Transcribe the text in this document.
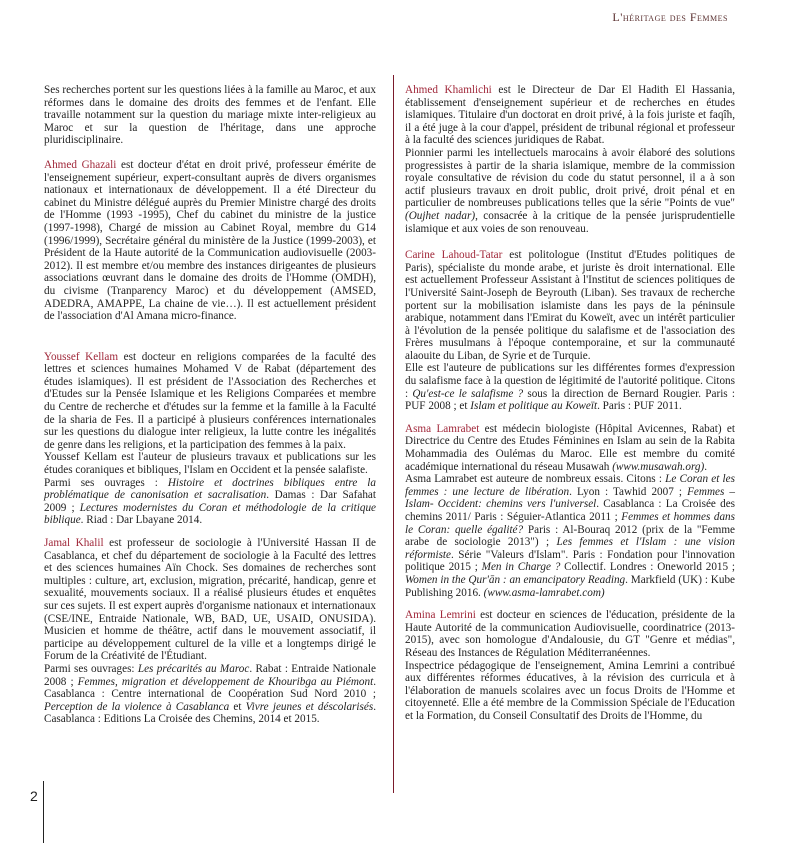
L'héritage des Femmes

Ses recherches portent sur les questions liées à la famille au Maroc, et aux réformes dans le domaine des droits des femmes et de l'enfant. Elle travaille notamment sur la question du mariage mixte inter-religieux au Maroc et sur la question de l'héritage, dans une approche pluridisciplinaire.

Ahmed Ghazali est docteur d'état en droit privé, professeur émérite de l'enseignement supérieur, expert-consultant auprès de divers organismes nationaux et internationaux de développement. Il a été Directeur du cabinet du Ministre délégué auprès du Premier Ministre chargé des droits de l'Homme (1993 -1995), Chef du cabinet du ministre de la justice (1997-1998), Chargé de mission au Cabinet Royal, membre du G14 (1996/1999), Secrétaire général du ministère de la Justice (1999-2003), et Président de la Haute autorité de la Communication audiovisuelle (2003-2012). Il est membre et/ou membre des instances dirigeantes de plusieurs associations œuvrant dans le domaine des droits de l'Homme (OMDH), du civisme (Tranparency Maroc) et du développement (AMSED, ADEDRA, AMAPPE, La chaine de vie…). Il est actuellement président de l'association d'Al Amana micro-finance.

Youssef Kellam est docteur en religions comparées de la faculté des lettres et sciences humaines Mohamed V de Rabat (département des études islamiques). Il est président de l'Association des Recherches et d'Etudes sur la Pensée Islamique et les Religions Comparées et membre du Centre de recherche et d'études sur la femme et la famille à la Faculté de la sharia de Fes. Il a participé à plusieurs conférences internationales sur les questions du dialogue inter religieux, la lutte contre les inégalités de genre dans les religions, et la participation des femmes à la paix.

Youssef Kellam est l'auteur de plusieurs travaux et publications sur les études coraniques et bibliques, l'Islam en Occident et la pensée salafiste.

Parmi ses ouvrages : Histoire et doctrines bibliques entre la problématique de canonisation et sacralisation. Damas : Dar Safahat 2009 ; Lectures modernistes du Coran et méthodologie de la critique biblique. Riad : Dar Lbayane 2014.

Jamal Khalil est professeur de sociologie à l'Université Hassan II de Casablanca, et chef du département de sociologie à la Faculté des lettres et des sciences humaines Aïn Chock. Ses domaines de recherches sont multiples : culture, art, exclusion, migration, précarité, handicap, genre et sexualité, mouvements sociaux. Il a réalisé plusieurs études et enquêtes sur ces sujets. Il est expert auprès d'organisme nationaux et internationaux (CSE/INE, Entraide Nationale, WB, BAD, UE, USAID, ONUSIDA). Musicien et homme de théâtre, actif dans le mouvement associatif, il participe au développement culturel de la ville et a longtemps dirigé le Forum de la Créativité de l'Étudiant.

Parmi ses ouvrages: Les précarités au Maroc. Rabat : Entraide Nationale 2008 ; Femmes, migration et développement de Khouribga au Piémont. Casablanca : Centre international de Coopération Sud Nord 2010 ; Perception de la violence à Casablanca et Vivre jeunes et déscolarisés. Casablanca : Editions La Croisée des Chemins, 2014 et 2015.

Ahmed Khamlichi est le Directeur de Dar El Hadith El Hassania, établissement d'enseignement supérieur et de recherches en études islamiques. Titulaire d'un doctorat en droit privé, à la fois juriste et faqîh, il a été juge à la cour d'appel, président de tribunal régional et professeur à la faculté des sciences juridiques de Rabat.

Pionnier parmi les intellectuels marocains à avoir élaboré des solutions progressistes à partir de la sharia islamique, membre de la commission royale consultative de révision du code du statut personnel, il a à son actif plusieurs travaux en droit public, droit privé, droit pénal et en particulier de nombreuses publications telles que la série "Points de vue" (Oujhet nadar), consacrée à la critique de la pensée jurisprudentielle islamique et aux voies de son renouveau.

Carine Lahoud-Tatar est politologue (Institut d'Etudes politiques de Paris), spécialiste du monde arabe, et juriste ès droit international. Elle est actuellement Professeur Assistant à l'Institut de sciences politiques de l'Université Saint-Joseph de Beyrouth (Liban). Ses travaux de recherche portent sur la mobilisation islamiste dans les pays de la péninsule arabique, notamment dans l'Emirat du Koweït, avec un intérêt particulier à l'évolution de la pensée politique du salafisme et de l'association des Frères musulmans à l'époque contemporaine, et sur la communauté alaouite du Liban, de Syrie et de Turquie.

Elle est l'auteure de publications sur les différentes formes d'expression du salafisme face à la question de légitimité de l'autorité politique. Citons : Qu'est-ce le salafisme ? sous la direction de Bernard Rougier. Paris : PUF 2008 ; et Islam et politique au Koweït. Paris : PUF 2011.

Asma Lamrabet est médecin biologiste (Hôpital Avicennes, Rabat) et Directrice du Centre des Etudes Féminines en Islam au sein de la Rabita Mohammadia des Oulémas du Maroc. Elle est membre du comité académique international du réseau Musawah (www.musawah.org).

Asma Lamrabet est auteure de nombreux essais. Citons : Le Coran et les femmes : une lecture de libération. Lyon : Tawhid 2007 ; Femmes –Islam- Occident: chemins vers l'universel. Casablanca : La Croisée des chemins 2011/ Paris : Séguier-Atlantica 2011 ; Femmes et hommes dans le Coran: quelle égalité? Paris : Al-Bouraq 2012 (prix de la "Femme arabe de sociologie 2013") ; Les femmes et l'Islam : une vision réformiste. Série "Valeurs d'Islam". Paris : Fondation pour l'innovation politique 2015 ; Men in Charge ? Collectif. Londres : Oneworld 2015 ; Women in the Qur'ān : an emancipatory Reading. Markfield (UK) : Kube Publishing 2016. (www.asma-lamrabet.com)

Amina Lemrini est docteur en sciences de l'éducation, présidente de la Haute Autorité de la communication Audiovisuelle, coordinatrice (2013-2015), avec son homologue d'Andalousie, du GT "Genre et médias", Réseau des Instances de Régulation Méditerranéennes.

Inspectrice pédagogique de l'enseignement, Amina Lemrini a contribué aux différentes réformes éducatives, à la révision des curricula et à l'élaboration de manuels scolaires avec un focus Droits de l'Homme et citoyenneté. Elle a été membre de la Commission Spéciale de l'Education et la Formation, du Conseil Consultatif des Droits de l'Homme, du

2
